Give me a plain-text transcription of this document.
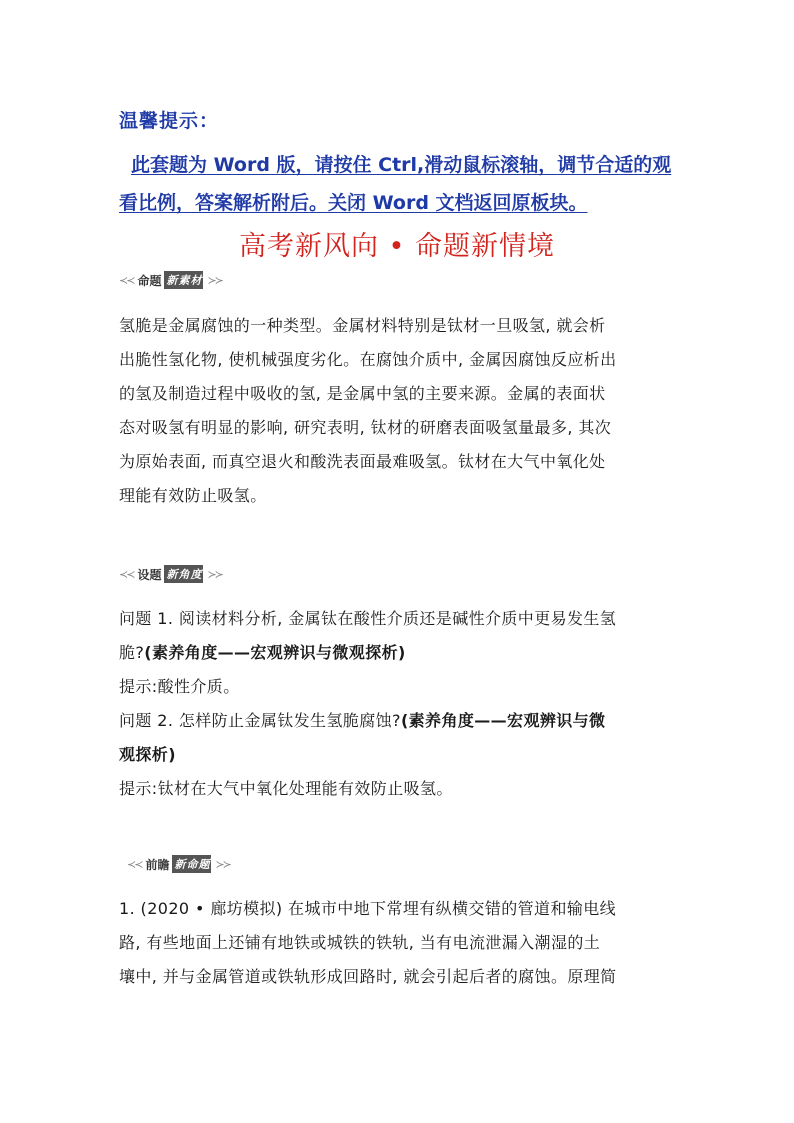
温馨提示：
此套题为 Word 版，请按住 Ctrl,滑动鼠标滚轴，调节合适的观看比例，答案解析附后。关闭 Word 文档返回原板块。
高考新风向 • 命题新情境
≺≺ 命题 新 素 材 ≻≻
氢脆是金属腐蚀的一种类型。金属材料特别是钛材一旦吸氢, 就会析
出脆性氢化物, 使机械强度劣化。在腐蚀介质中, 金属因腐蚀反应析出
的氢及制造过程中吸收的氢, 是金属中氢的主要来源。金属的表面状
态对吸氢有明显的影响, 研究表明, 钛材的研磨表面吸氢量最多, 其次
为原始表面, 而真空退火和酸洗表面最难吸氢。钛材在大气中氧化处
理能有效防止吸氢。
≺≺ 设题 新 角 度 ≻≻
问题 1. 阅读材料分析, 金属钛在酸性介质还是碱性介质中更易发生氢
脆?(素养角度——宏观辨识与微观探析)
提示:酸性介质。
问题 2. 怎样防止金属钛发生氢脆腐蚀?(素养角度——宏观辨识与微
观探析)
提示:钛材在大气中氧化处理能有效防止吸氢。
≺≺ 前瞻 新 命 题 ≻≻
1. (2020 • 廊坊模拟) 在城市中地下常埋有纵横交错的管道和输电线
路, 有些地面上还铺有地铁或城铁的铁轨, 当有电流泄漏入潮湿的土
壤中, 并与金属管道或铁轨形成回路时, 就会引起后者的腐蚀。原理简
